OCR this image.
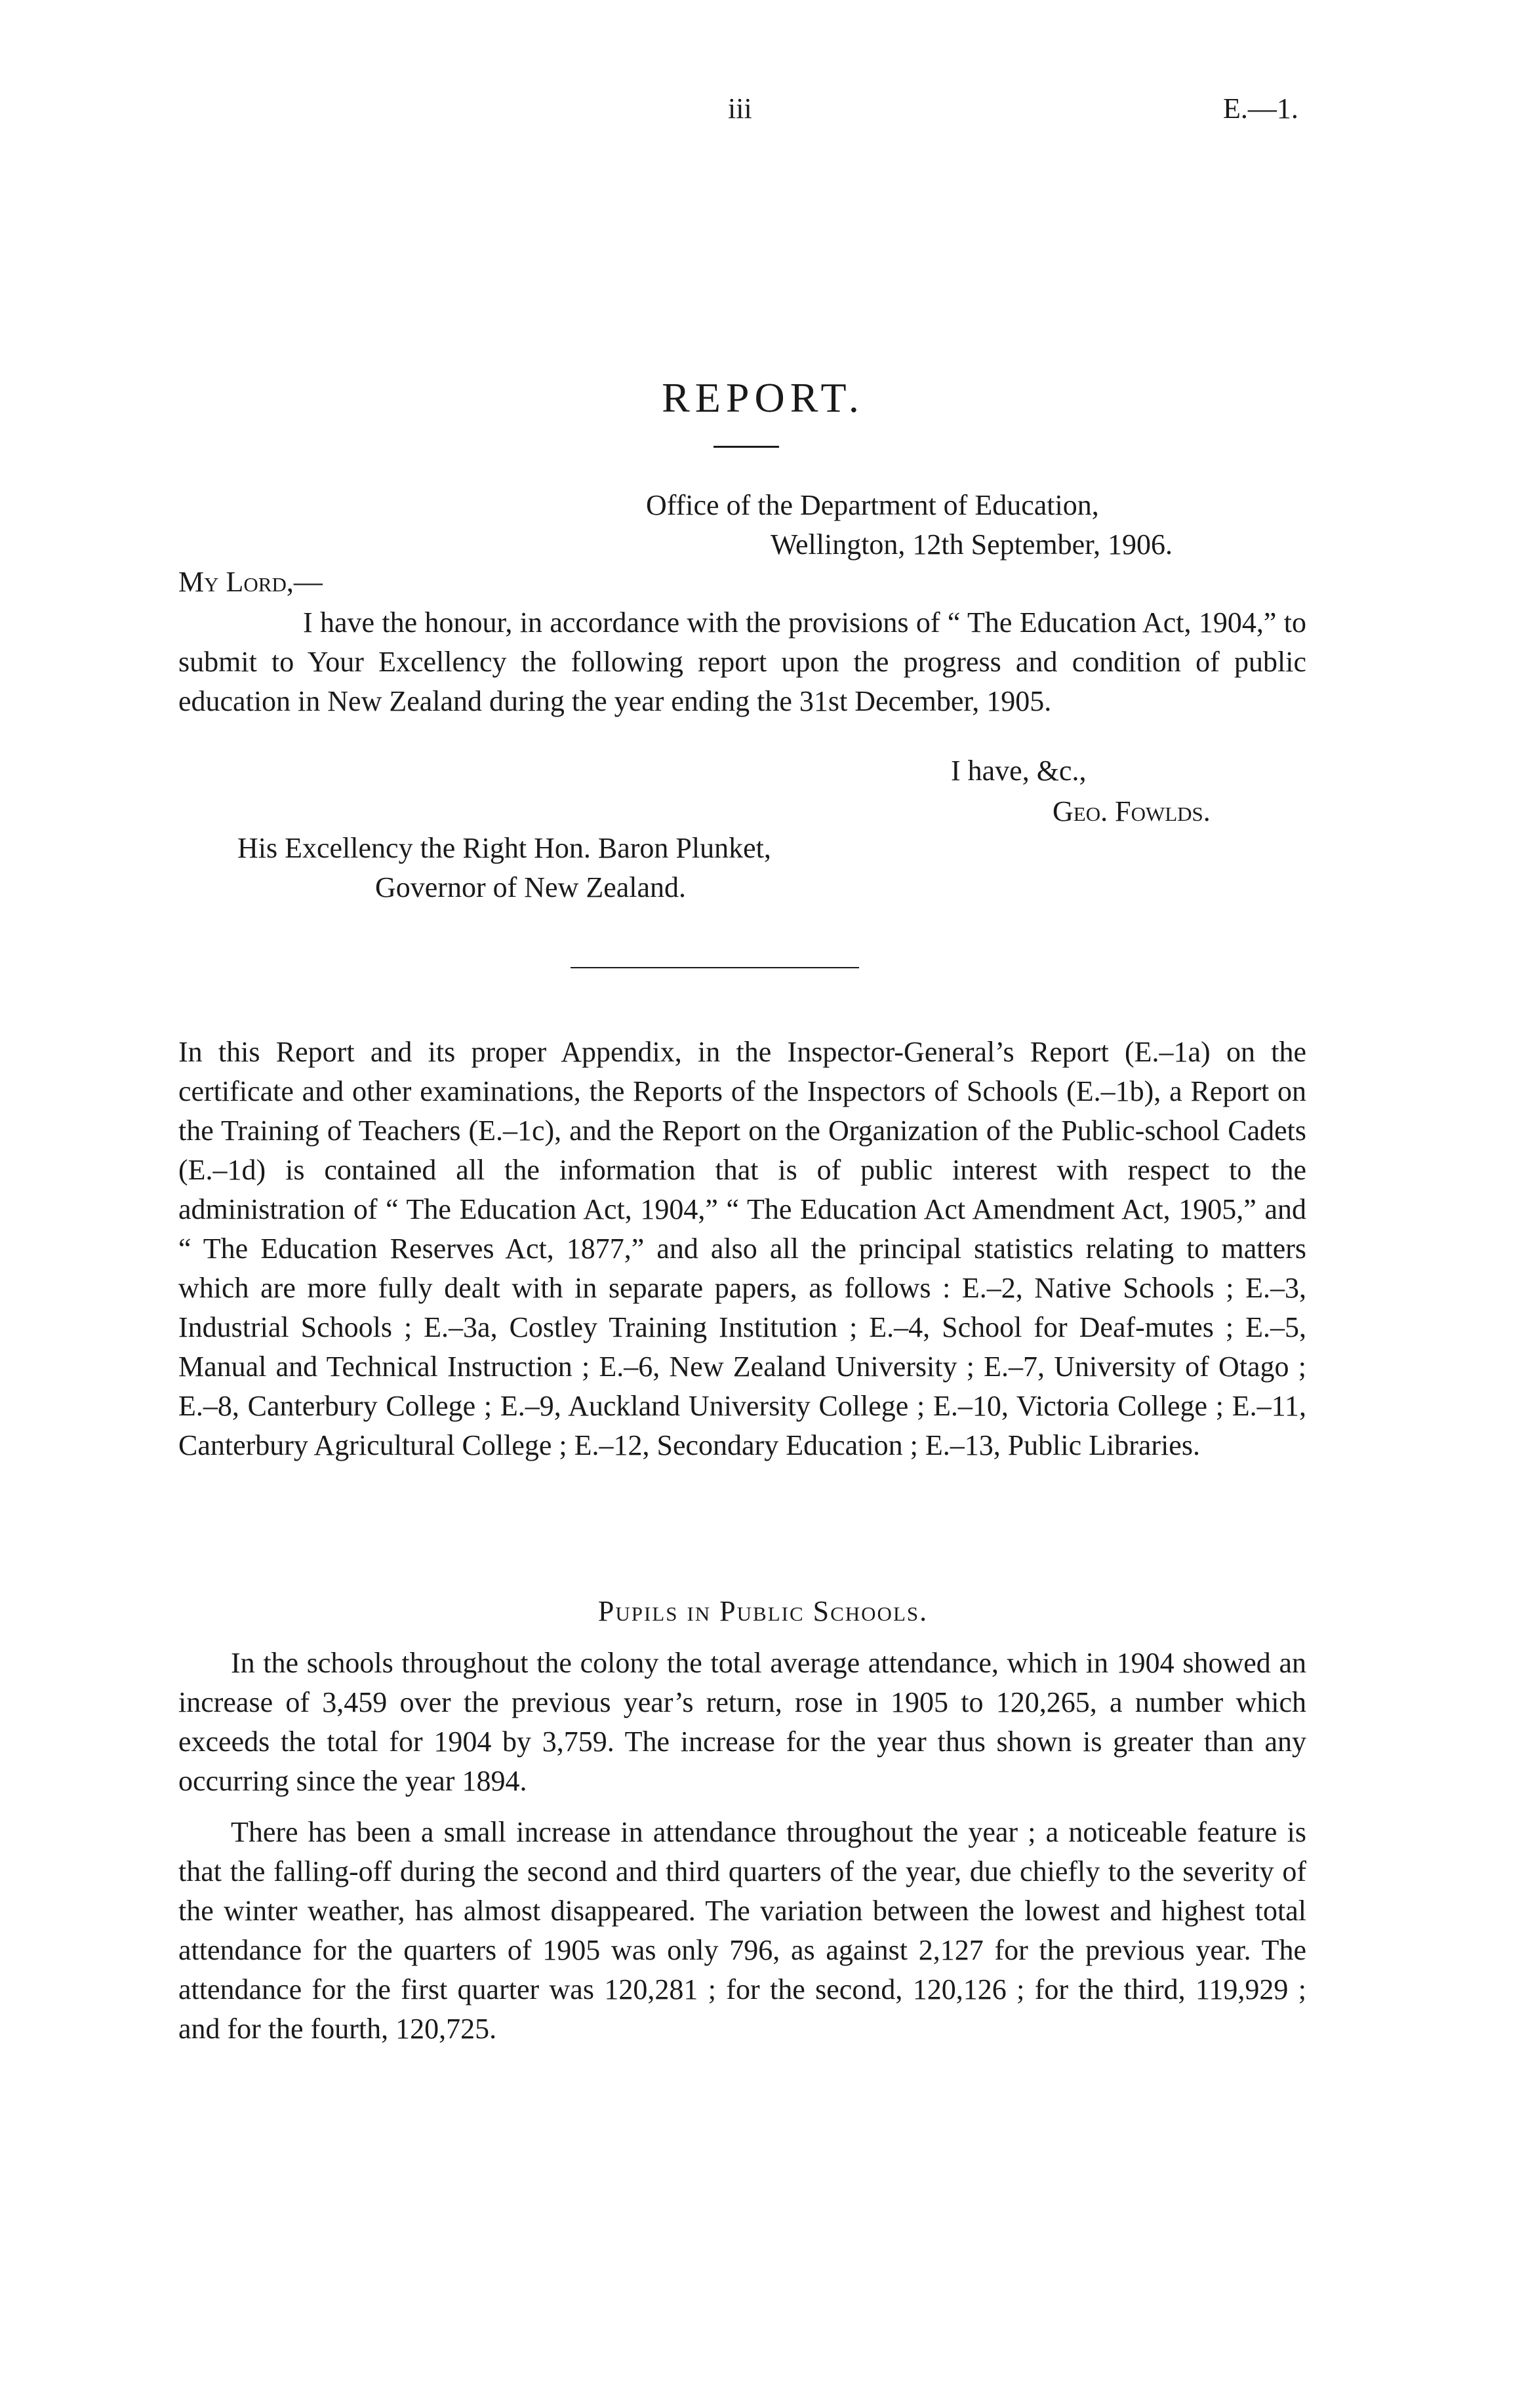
iii	E.—1.
REPORT.
Office of the Department of Education,
Wellington, 12th September, 1906.
My Lord,—
I have the honour, in accordance with the provisions of “ The Education Act, 1904,” to submit to Your Excellency the following report upon the progress and condition of public education in New Zealand during the year ending the 31st December, 1905.
I have, &c.,
Geo. Fowlds.
His Excellency the Right Hon. Baron Plunket,
Governor of New Zealand.
In this Report and its proper Appendix, in the Inspector-General’s Report (E.–1a) on the certificate and other examinations, the Reports of the Inspectors of Schools (E.–1b), a Report on the Training of Teachers (E.–1c), and the Report on the Organization of the Public-school Cadets (E.–1d) is contained all the information that is of public interest with respect to the administration of “ The Education Act, 1904,” “ The Education Act Amendment Act, 1905,” and “ The Education Reserves Act, 1877,” and also all the principal statistics relating to matters which are more fully dealt with in separate papers, as follows : E.–2, Native Schools ; E.–3, Industrial Schools ; E.–3a, Costley Training Institution ; E.–4, School for Deaf-mutes ; E.–5, Manual and Technical Instruction ; E.–6, New Zealand University ; E.–7, University of Otago ; E.–8, Canterbury College ; E.–9, Auckland University College ; E.–10, Victoria College ; E.–11, Canterbury Agricultural College ; E.–12, Secondary Education ; E.–13, Public Libraries.
Pupils in Public Schools.
In the schools throughout the colony the total average attendance, which in 1904 showed an increase of 3,459 over the previous year’s return, rose in 1905 to 120,265, a number which exceeds the total for 1904 by 3,759. The increase for the year thus shown is greater than any occurring since the year 1894.
There has been a small increase in attendance throughout the year ; a noticeable feature is that the falling-off during the second and third quarters of the year, due chiefly to the severity of the winter weather, has almost disappeared. The variation between the lowest and highest total attendance for the quarters of 1905 was only 796, as against 2,127 for the previous year. The attendance for the first quarter was 120,281 ; for the second, 120,126 ; for the third, 119,929 ; and for the fourth, 120,725.
